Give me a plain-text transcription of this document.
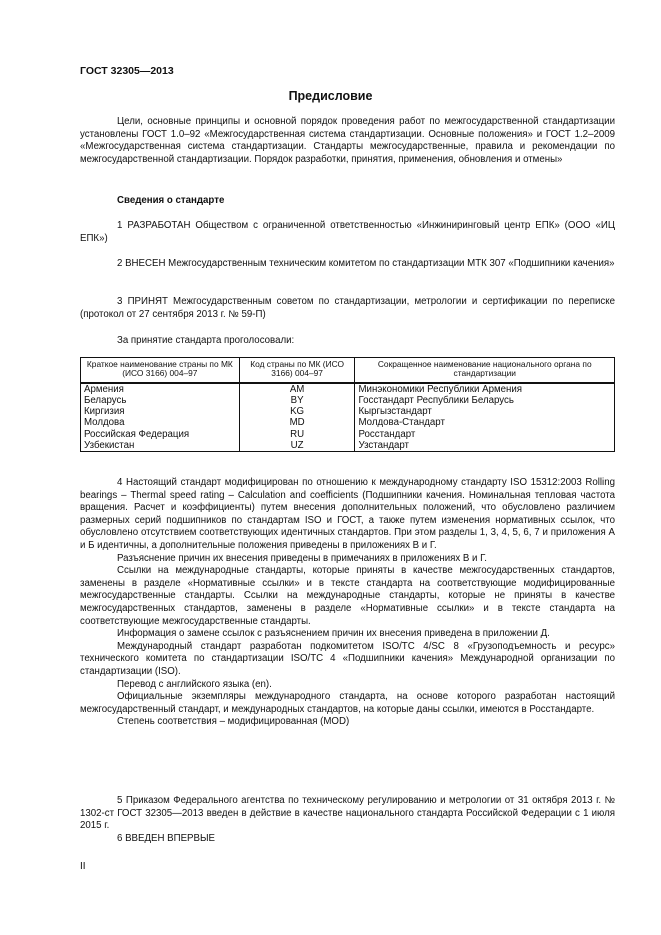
ГОСТ 32305—2013
Предисловие

Цели, основные принципы и основной порядок проведения работ по межгосударственной стандартизации установлены ГОСТ 1.0–92 «Межгосударственная система стандартизации. Основные положения» и ГОСТ 1.2–2009 «Межгосударственная система стандартизации. Стандарты межгосударственные, правила и рекомендации по межгосударственной стандартизации. Порядок разработки, принятия, применения, обновления и отмены»

Сведения о стандарте

1 РАЗРАБОТАН Обществом с ограниченной ответственностью «Инжиниринговый центр ЕПК» (ООО «ИЦ ЕПК»)

2 ВНЕСЕН Межгосударственным техническим комитетом по стандартизации МТК 307 «Подшипники качения»

3 ПРИНЯТ Межгосударственным советом по стандартизации, метрологии и сертификации по переписке (протокол от 27 сентября 2013 г. № 59-П)

За принятие стандарта проголосовали:

Краткое наименование страны по МК (ИСО 3166) 004–97	Код страны по МК (ИСО 3166) 004–97	Сокращенное наименование национального органа по стандартизации
Армения	AM	Минэкономики Республики Армения
Беларусь	BY	Госстандарт Республики Беларусь
Киргизия	KG	Кыргызстандарт
Молдова	MD	Молдова-Стандарт
Российская Федерация	RU	Росстандарт
Узбекистан	UZ	Узстандарт

4 Настоящий стандарт модифицирован по отношению к международному стандарту ISO 15312:2003 Rolling bearings – Thermal speed rating – Calculation and coefficients (Подшипники качения. Номинальная тепловая частота вращения. Расчет и коэффициенты) путем внесения дополнительных положений, что обусловлено различием размерных серий подшипников по стандартам ISO и ГОСТ, а также путем изменения нормативных ссылок, что обусловлено отсутствием соответствующих идентичных стандартов. При этом разделы 1, 3, 4, 5, 6, 7 и приложения А и Б идентичны, а дополнительные положения приведены в приложениях В и Г.

Разъяснение причин их внесения приведены в примечаниях в приложениях В и Г.

Ссылки на международные стандарты, которые приняты в качестве межгосударственных стандартов, заменены в разделе «Нормативные ссылки» и в тексте стандарта на соответствующие модифицированные межгосударственные стандарты. Ссылки на международные стандарты, которые не приняты в качестве межгосударственных стандартов, заменены в разделе «Нормативные ссылки» и в тексте стандарта на соответствующие межгосударственные стандарты.

Информация о замене ссылок с разъяснением причин их внесения приведена в приложении Д.

Международный стандарт разработан подкомитетом ISO/TC 4/SC 8 «Грузоподъемность и ресурс» технического комитета по стандартизации ISO/TC 4 «Подшипники качения» Международной организации по стандартизации (ISO).

Перевод с английского языка (en).

Официальные экземпляры международного стандарта, на основе которого разработан настоящий межгосударственный стандарт, и международных стандартов, на которые даны ссылки, имеются в Росстандарте.

Степень соответствия – модифицированная (MOD)

5 Приказом Федерального агентства по техническому регулированию и метрологии от 31 октября 2013 г. № 1302-ст ГОСТ 32305—2013 введен в действие в качестве национального стандарта Российской Федерации с 1 июля 2015 г.

6 ВВЕДЕН ВПЕРВЫЕ

II
